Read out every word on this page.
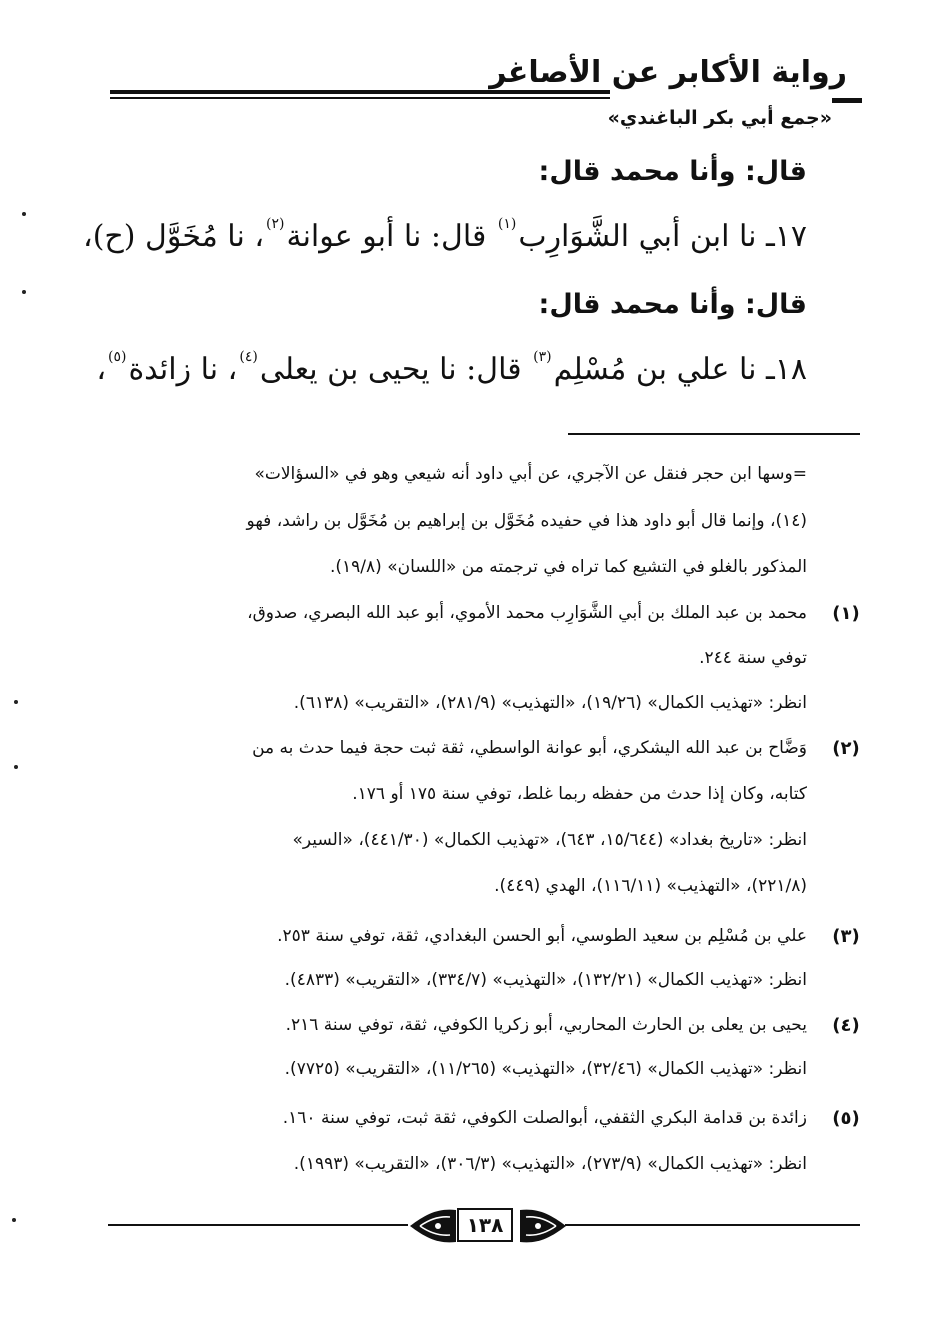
رواية الأكابر عن الأصاغر
«جمع أبي بكر الباغندي»
قال: وأنا محمد قال:
١٧ـ نا ابن أبي الشَّوَارِب$^{(١)}$ قال: نا أبو عوانة$^{(٢)}$، نا مُخَوَّل (ح)،
قال: وأنا محمد قال:
١٨ـ نا علي بن مُسْلِم$^{(٣)}$ قال: نا يحيى بن يعلى$^{(٤)}$، نا زائدة$^{(٥)}$،
=وسها ابن حجر فنقل عن الآجري، عن أبي داود أنه شيعي وهو في «السؤالات»
(١٤)، وإنما قال أبو داود هذا في حفيده مُخَوَّل بن إبراهيم بن مُخَوَّل بن راشد، فهو
المذكور بالغلو في التشيع كما تراه في ترجمته من «اللسان» (١٩/٨).
(١)
محمد بن عبد الملك بن أبي الشَّوَارِب محمد الأموي، أبو عبد الله البصري، صدوق،
توفي سنة ٢٤٤.
انظر: «تهذيب الكمال» (١٩/٢٦)، «التهذيب» (٢٨١/٩)، «التقريب» (٦١٣٨).
(٢)
وَضَّاح بن عبد الله اليشكري، أبو عوانة الواسطي، ثقة ثبت حجة فيما حدث به من
كتابه، وكان إذا حدث من حفظه ربما غلط، توفي سنة ١٧٥ أو ١٧٦.
انظر: «تاريخ بغداد» (١٥/٦٤٤، ٦٤٣)، «تهذيب الكمال» (٤٤١/٣٠)، «السير»
(٢٢١/٨)، «التهذيب» (١١٦/١١)، الهدي (٤٤٩).
(٣)
علي بن مُسْلِم بن سعيد الطوسي، أبو الحسن البغدادي، ثقة، توفي سنة ٢٥٣.
انظر: «تهذيب الكمال» (١٣٢/٢١)، «التهذيب» (٣٣٤/٧)، «التقريب» (٤٨٣٣).
(٤)
يحيى بن يعلى بن الحارث المحاربي، أبو زكريا الكوفي، ثقة، توفي سنة ٢١٦.
انظر: «تهذيب الكمال» (٣٢/٤٦)، «التهذيب» (١١/٢٦٥)، «التقريب» (٧٧٢٥).
(٥)
زائدة بن قدامة البكري الثقفي، أبوالصلت الكوفي، ثقة ثبت، توفي سنة ١٦٠.
انظر: «تهذيب الكمال» (٢٧٣/٩)، «التهذيب» (٣٠٦/٣)، «التقريب» (١٩٩٣).
١٣٨
